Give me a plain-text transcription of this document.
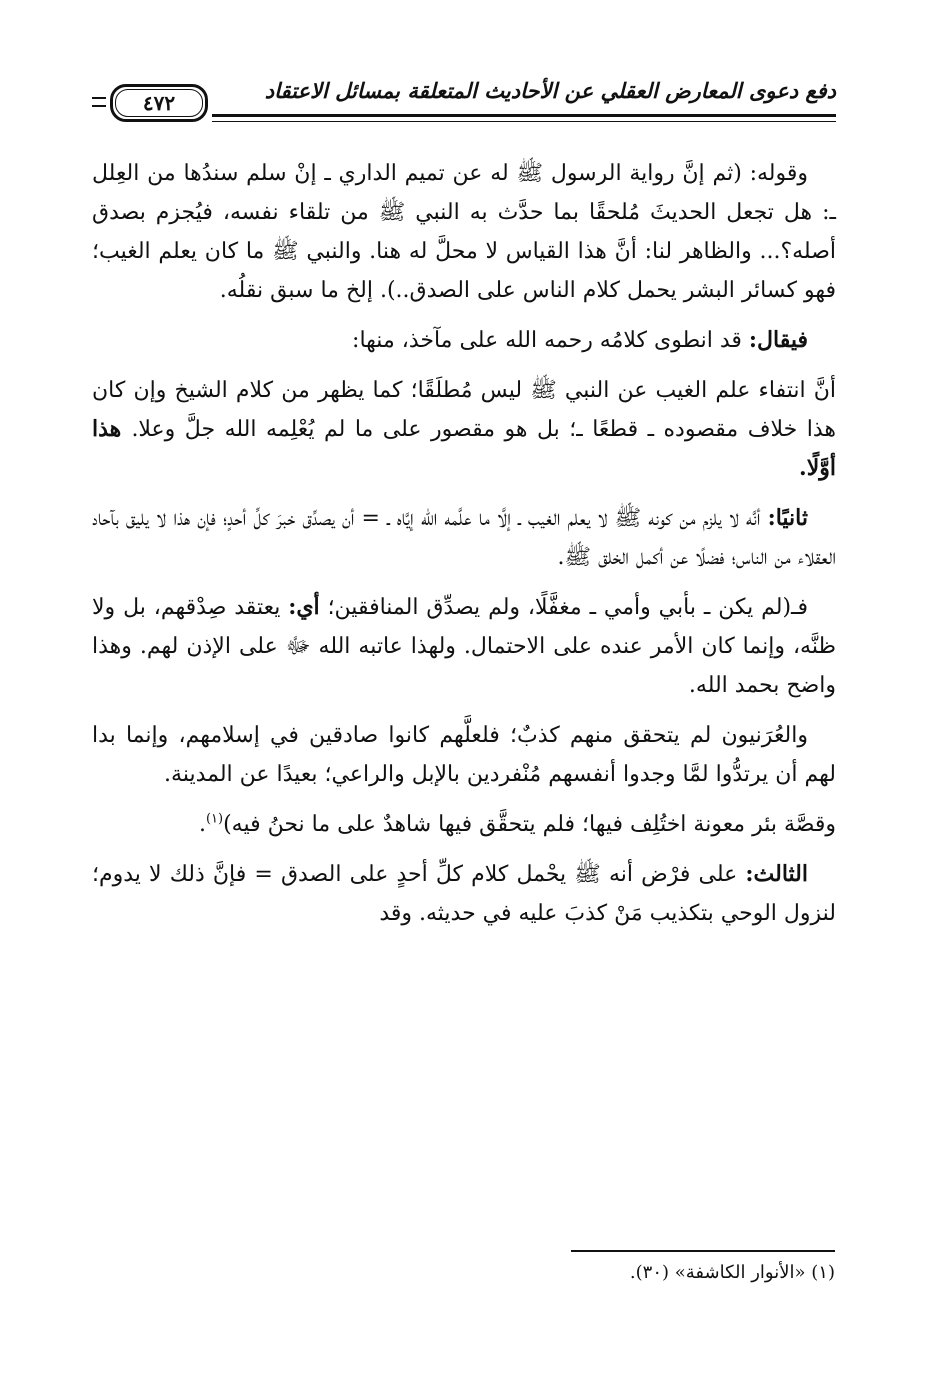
دفع دعوى المعارض العقلي عن الأحاديث المتعلقة بمسائل الاعتقاد
٤٧٢

وقوله: (ثم إنَّ رواية الرسول ﷺ له عن تميم الداري ـ إنْ سلم سندُها من العِلل ـ: هل تجعل الحديثَ مُلحقًا بما حدَّث به النبي ﷺ من تلقاء نفسه، فيُجزم بصدق أصله؟... والظاهر لنا: أنَّ هذا القياس لا محلَّ له هنا. والنبي ﷺ ما كان يعلم الغيب؛ فهو كسائر البشر يحمل كلام الناس على الصدق..). إلخ ما سبق نقلُه.

فيقال: قد انطوى كلامُه رحمه الله على مآخذ، منها:

أنَّ انتفاء علم الغيب عن النبي ﷺ ليس مُطلَقًا؛ كما يظهر من كلام الشيخ وإن كان هذا خلاف مقصوده ـ قطعًا ـ؛ بل هو مقصور على ما لم يُعْلِمه الله جلَّ وعلا. هذا أوَّلًا.

ثانيًا: أنَّه لا يلزم من كونه ﷺ لا يعلم الغيب ـ إلَّا ما علَّمه الله إيَّاه ـ = أن يصدِّق خبرَ كلِّ أحدٍ؛ فإن هذا لا يليق بآحاد العقلاء من الناس؛ فضلًا عن أكمل الخلق ﷺ.

فـ(لم يكن ـ بأبي وأمي ـ مغفَّلًا، ولم يصدِّق المنافقين؛ أي: يعتقد صِدْقهم، بل ولا ظنَّه، وإنما كان الأمر عنده على الاحتمال. ولهذا عاتبه الله ﷻ على الإذن لهم. وهذا واضح بحمد الله.

والعُرَنيون لم يتحقق منهم كذبٌ؛ فلعلَّهم كانوا صادقين في إسلامهم، وإنما بدا لهم أن يرتدُّوا لمَّا وجدوا أنفسهم مُنْفردين بالإبل والراعي؛ بعيدًا عن المدينة.

وقصَّة بئر معونة اختُلِف فيها؛ فلم يتحقَّق فيها شاهدٌ على ما نحنُ فيه)$^{(١)}$.

الثالث: على فرْض أنه ﷺ يحْمل كلام كلِّ أحدٍ على الصدق = فإنَّ ذلك لا يدوم؛ لنزول الوحي بتكذيب مَنْ كذبَ عليه في حديثه. وقد

(١) «الأنوار الكاشفة» (٣٠).
